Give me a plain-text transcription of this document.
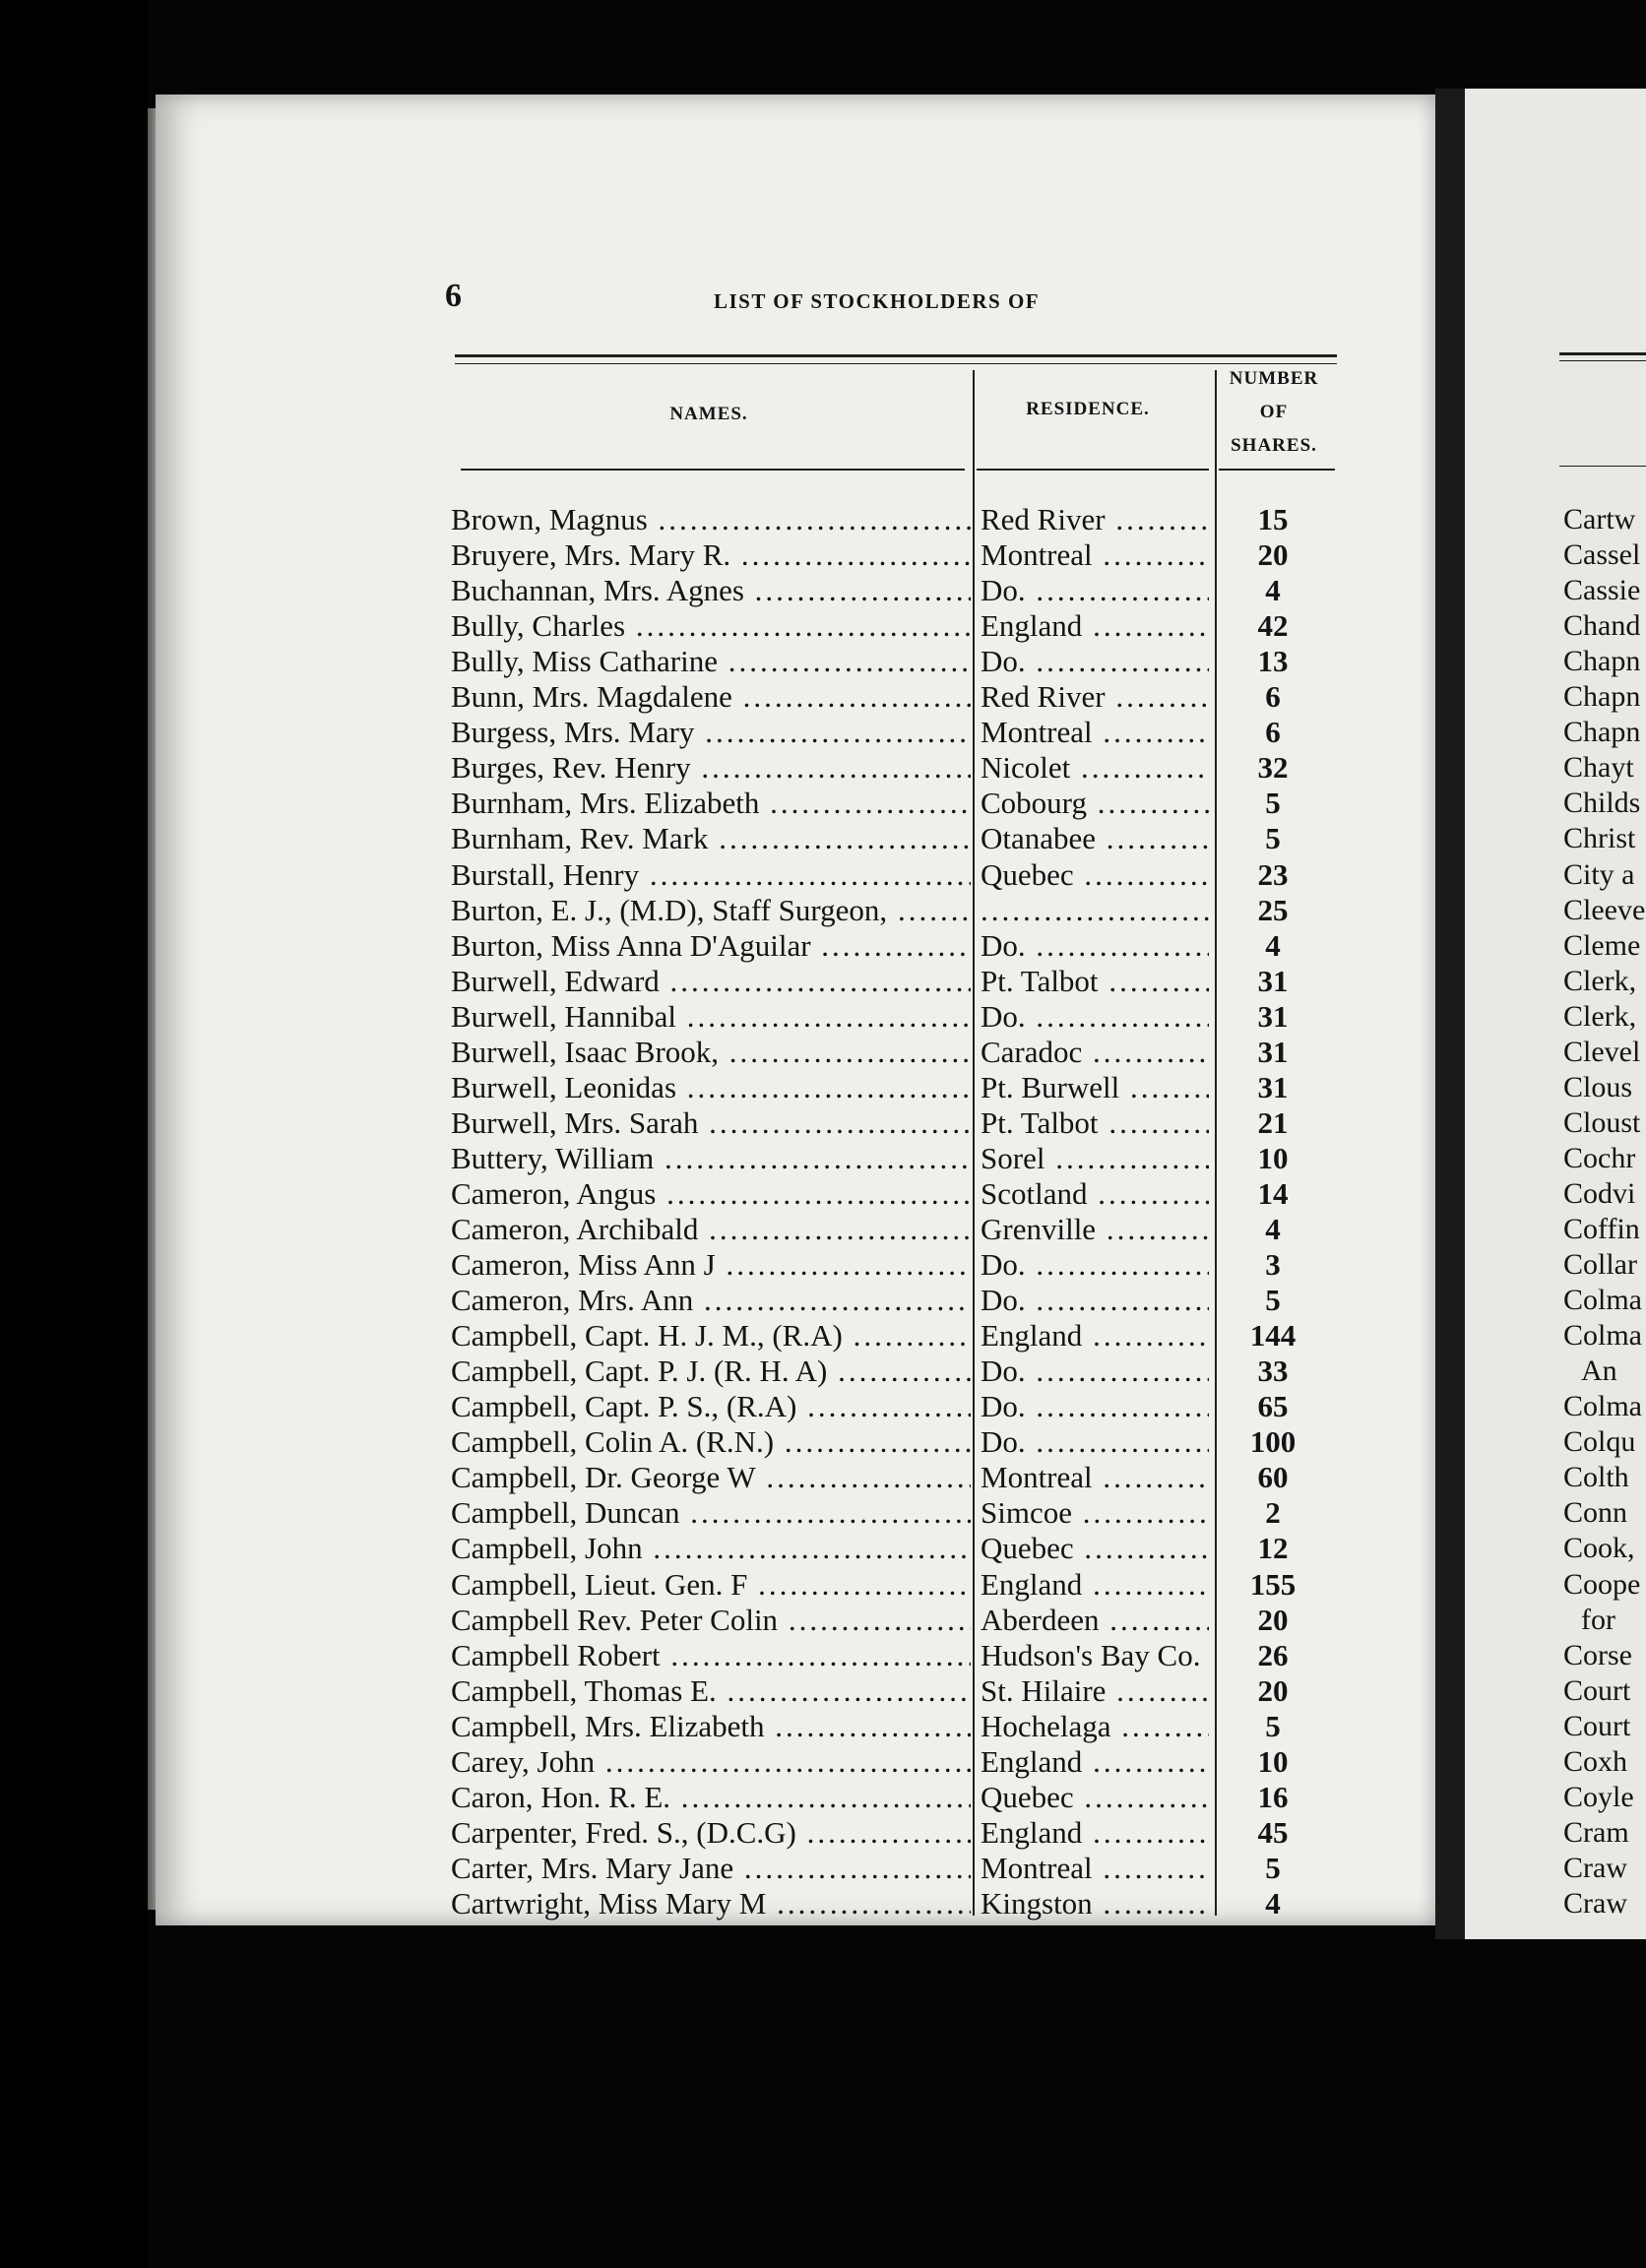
6	LIST OF STOCKHOLDERS OF
NAMES.	RESIDENCE.
NUMBER
OF
SHARES.
Brown, Magnus .....	Red River .....	15
Bruyere, Mrs. Mary R. .....	Montreal .....	20
Buchannan, Mrs. Agnes .....	Do. .....	4
Bully, Charles .....	England .....	42
Bully, Miss Catharine .....	Do. .....	13
Bunn, Mrs. Magdalene .....	Red River .....	6
Burgess, Mrs. Mary .....	Montreal .....	6
Burges, Rev. Henry .....	Nicolet .....	32
Burnham, Mrs. Elizabeth .....	Cobourg .....	5
Burnham, Rev. Mark .....	Otanabee .....	5
Burstall, Henry .....	Quebec .....	23
Burton, E. J., (M.D), Staff Surgeon, ..... .....	25
Burton, Miss Anna D'Aguilar .....	Do. .....	4
Burwell, Edward .....	Pt. Talbot .....	31
Burwell, Hannibal .....	Do. .....	31
Burwell, Isaac Brook, .....	Caradoc .....	31
Burwell, Leonidas .....	Pt. Burwell .....	31
Burwell, Mrs. Sarah .....	Pt. Talbot .....	21
Buttery, William .....	Sorel .....	10
Cameron, Angus .....	Scotland .....	14
Cameron, Archibald .....	Grenville .....	4
Cameron, Miss Ann J .....	Do. .....	3
Cameron, Mrs. Ann .....	Do. .....	5
Campbell, Capt. H. J. M., (R.A) .....	England .....	144
Campbell, Capt. P. J. (R. H. A) .....	Do. .....	33
Campbell, Capt. P. S., (R.A) .....	Do. .....	65
Campbell, Colin A. (R.N.) .....	Do. .....	100
Campbell, Dr. George W .....	Montreal .....	60
Campbell, Duncan .....	Simcoe .....	2
Campbell, John .....	Quebec .....	12
Campbell, Lieut. Gen. F .....	England .....	155
Campbell Rev. Peter Colin .....	Aberdeen .....	20
Campbell Robert .....	Hudson's Bay Co. .....	26
Campbell, Thomas E. .....	St. Hilaire .....	20
Campbell, Mrs. Elizabeth .....	Hochelaga .....	5
Carey, John .....	England .....	10
Caron, Hon. R. E. .....	Quebec .....	16
Carpenter, Fred. S., (D.C.G) .....	England .....	45
Carter, Mrs. Mary Jane .....	Montreal .....	5
Cartwright, Miss Mary M .....	Kingston .....	4
Cartw
Cassel
Cassie
Chand
Chapn
Chapn
Chapn
Chayt
Childs
Christ
City a
Cleeve
Cleme
Clerk,
Clerk,
Clevel
Clous
Cloust
Cochr
Codvi
Coffin
Collar
Colma
Colma
An
Colma
Colqu
Colth
Conn
Cook,
Coope
for
Corse
Court
Court
Coxh
Coyle
Cram
Craw
Craw
